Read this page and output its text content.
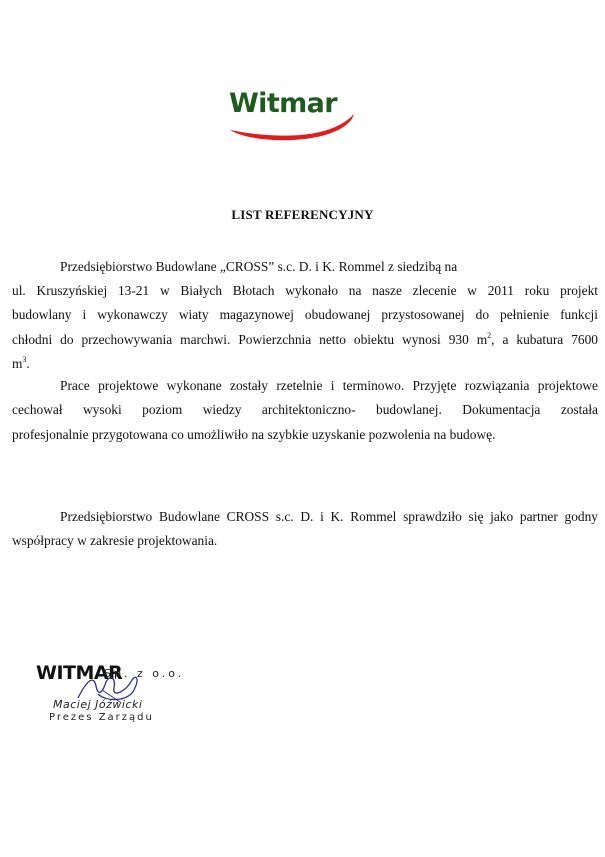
Witmar
LIST REFERENCYJNY
Przedsiębiorstwo Budowlane „CROSS” s.c. D. i K. Rommel z siedzibą na
ul. Kruszyńskiej 13-21 w Białych Błotach wykonało na nasze zlecenie w 2011 roku projekt
budowlany i wykonawczy wiaty magazynowej obudowanej przystosowanej do pełnienie funkcji
chłodni do przechowywania marchwi. Powierzchnia netto obiektu wynosi 930 $m^2$, a kubatura 7600
$m^3$.
Prace projektowe wykonane zostały rzetelnie i terminowo. Przyjęte rozwiązania projektowe
cechował wysoki poziom wiedzy architektoniczno- budowlanej. Dokumentacja została
profesjonalnie przygotowana co umożliwiło na szybkie uzyskanie pozwolenia na budowę.
Przedsiębiorstwo Budowlane CROSS s.c. D. i K. Rommel sprawdziło się jako partner godny
współpracy w zakresie projektowania.
WITMAR
Sp. z o.o.
Maciej Jóźwicki
Prezes Zarządu
